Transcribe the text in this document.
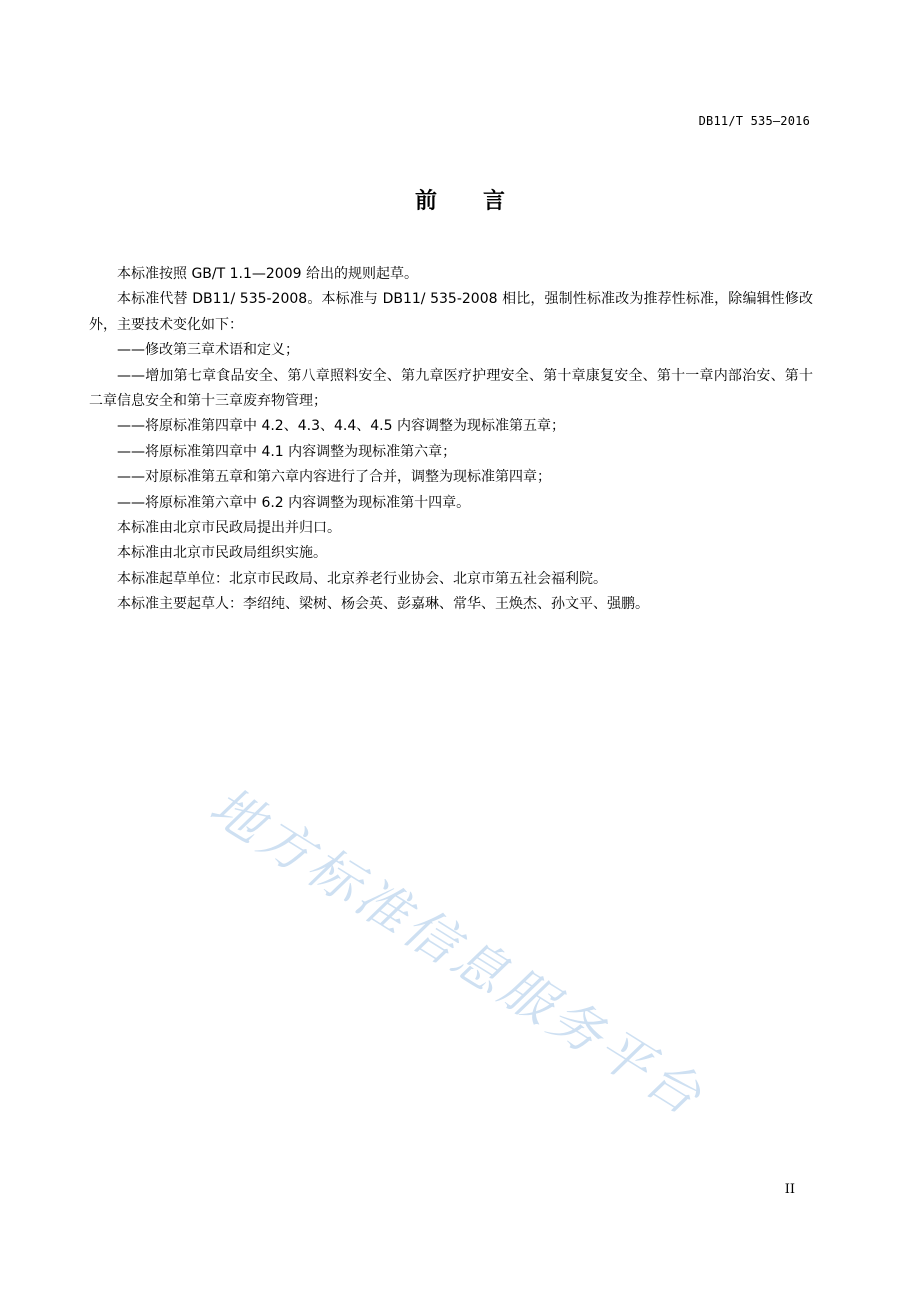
DB11/T 535—2016
前 言

本标准按照 GB/T 1.1—2009 给出的规则起草。

本标准代替 DB11/ 535-2008。本标准与 DB11/ 535-2008 相比，强制性标准改为推荐性标准，除编辑性修改外，主要技术变化如下：

——修改第三章术语和定义；

——增加第七章食品安全、第八章照料安全、第九章医疗护理安全、第十章康复安全、第十一章内部治安、第十二章信息安全和第十三章废弃物管理；

——将原标准第四章中 4.2、4.3、4.4、4.5 内容调整为现标准第五章；

——将原标准第四章中 4.1 内容调整为现标准第六章；

——对原标准第五章和第六章内容进行了合并，调整为现标准第四章；

——将原标准第六章中 6.2 内容调整为现标准第十四章。

本标准由北京市民政局提出并归口。

本标准由北京市民政局组织实施。

本标准起草单位：北京市民政局、北京养老行业协会、北京市第五社会福利院。

本标准主要起草人：李绍纯、梁树、杨会英、彭嘉琳、常华、王焕杰、孙文平、强鹏。

地方标准信息服务平台
II
